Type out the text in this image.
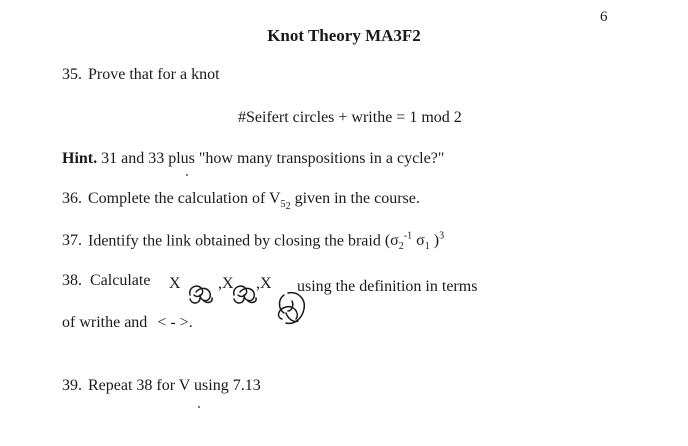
6
Knot Theory MA3F2
35. Prove that for a knot
#Seifert circles + writhe = 1 mod 2
Hint. 31 and 33 plus "how many transpositions in a cycle?"
36. Complete the calculation of $V_{52}$ given in the course.
37. Identify the link obtained by closing the braid ($\sigma_2^{-1}$ $\sigma_1$ )$^3$
38. Calculate X ,X ,X using the definition in terms
of writhe and < - >.
39. Repeat 38 for V using 7.13
